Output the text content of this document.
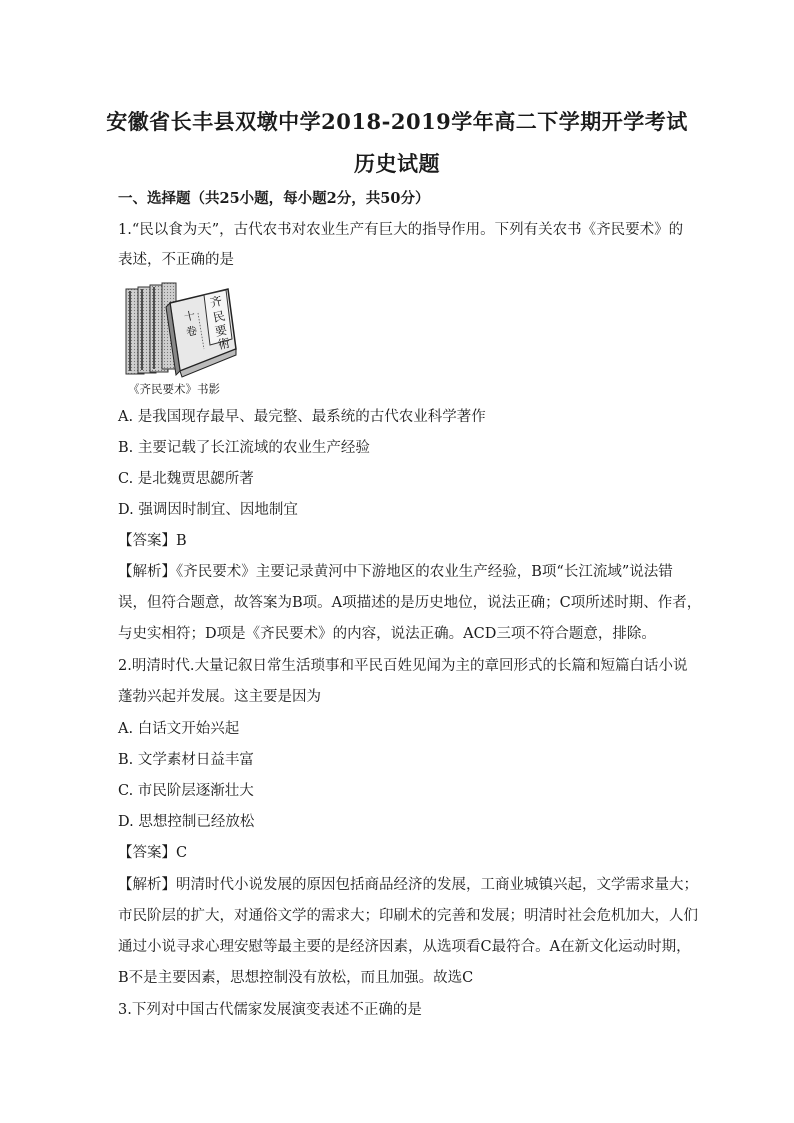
安徽省长丰县双墩中学2018-2019学年高二下学期开学考试
历史试题
一、选择题（共25小题，每小题2分，共50分）
1.“民以食为天”，古代农书对农业生产有巨大的指导作用。下列有关农书《齐民要术》的
表述，不正确的是
齐
民
要
術
十
卷
《齐民要术》书影
A. 是我国现存最早、最完整、最系统的古代农业科学著作
B. 主要记载了长江流域的农业生产经验
C. 是北魏贾思勰所著
D. 强调因时制宜、因地制宜
【答案】B
【解析】《齐民要术》主要记录黄河中下游地区的农业生产经验，B项“长江流域”说法错
误，但符合题意，故答案为B项。A项描述的是历史地位，说法正确；C项所述时期、作者，
与史实相符；D项是《齐民要术》的内容，说法正确。ACD三项不符合题意，排除。
2.明清时代.大量记叙日常生活琐事和平民百姓见闻为主的章回形式的长篇和短篇白话小说
蓬勃兴起并发展。这主要是因为
A. 白话文开始兴起
B. 文学素材日益丰富
C. 市民阶层逐渐壮大
D. 思想控制已经放松
【答案】C
【解析】明清时代小说发展的原因包括商品经济的发展，工商业城镇兴起，文学需求量大；
市民阶层的扩大，对通俗文学的需求大；印刷术的完善和发展；明清时社会危机加大，人们
通过小说寻求心理安慰等最主要的是经济因素，从选项看C最符合。A在新文化运动时期，
B不是主要因素，思想控制没有放松，而且加强。故选C
3.下列对中国古代儒家发展演变表述不正确的是
